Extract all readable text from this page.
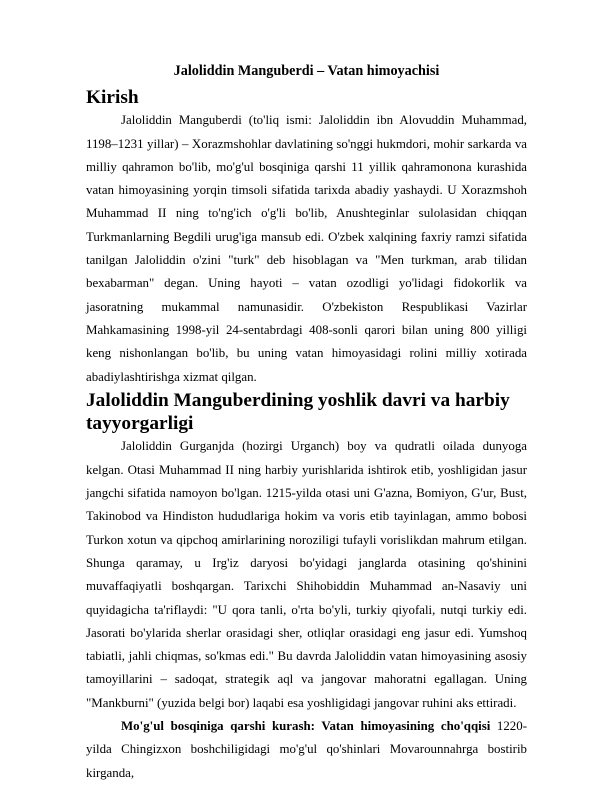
Jaloliddin Manguberdi – Vatan himoyachisi
Kirish

Jaloliddin Manguberdi (to'liq ismi: Jaloliddin ibn Alovuddin Muhammad, 1198–1231 yillar) – Xorazmshohlar davlatining so'nggi hukmdori, mohir sarkarda va milliy qahramon bo'lib, mo'g'ul bosqiniga qarshi 11 yillik qahramonona kurashida vatan himoyasining yorqin timsoli sifatida tarixda abadiy yashaydi. U Xorazmshoh Muhammad II ning to'ng'ich o'g'li bo'lib, Anushteginlar sulolasidan chiqqan Turkmanlarning Begdili urug'iga mansub edi. O'zbek xalqining faxriy ramzi sifatida tanilgan Jaloliddin o'zini "turk" deb hisoblagan va "Men turkman, arab tilidan bexabarman" degan. Uning hayoti – vatan ozodligi yo'lidagi fidokorlik va jasoratning mukammal namunasidir. O'zbekiston Respublikasi Vazirlar Mahkamasining 1998-yil 24-sentabrdagi 408-sonli qarori bilan uning 800 yilligi keng nishonlangan bo'lib, bu uning vatan himoyasidagi rolini milliy xotirada abadiylashtirishga xizmat qilgan.

Jaloliddin Manguberdining yoshlik davri va harbiy tayyorgarligi

Jaloliddin Gurganjda (hozirgi Urganch) boy va qudratli oilada dunyoga kelgan. Otasi Muhammad II ning harbiy yurishlarida ishtirok etib, yoshligidan jasur jangchi sifatida namoyon bo'lgan. 1215-yilda otasi uni G'azna, Bomiyon, G'ur, Bust, Takinobod va Hindiston hududlariga hokim va voris etib tayinlagan, ammo bobosi Turkon xotun va qipchoq amirlarining noroziligi tufayli vorislikdan mahrum etilgan. Shunga qaramay, u Irg'iz daryosi bo'yidagi janglarda otasining qo'shinini muvaffaqiyatli boshqargan. Tarixchi Shihobiddin Muhammad an-Nasaviy uni quyidagicha ta'riflaydi: "U qora tanli, o'rta bo'yli, turkiy qiyofali, nutqi turkiy edi. Jasorati bo'ylarida sherlar orasidagi sher, otliqlar orasidagi eng jasur edi. Yumshoq tabiatli, jahli chiqmas, so'kmas edi." Bu davrda Jaloliddin vatan himoyasining asosiy tamoyillarini – sadoqat, strategik aql va jangovar mahoratni egallagan. Uning "Mankburni" (yuzida belgi bor) laqabi esa yoshligidagi jangovar ruhini aks ettiradi.

Mo'g'ul bosqiniga qarshi kurash: Vatan himoyasining cho'qqisi 1220-yilda Chingizxon boshchiligidagi mo'g'ul qo'shinlari Movarounnahrga bostirib kirganda,
